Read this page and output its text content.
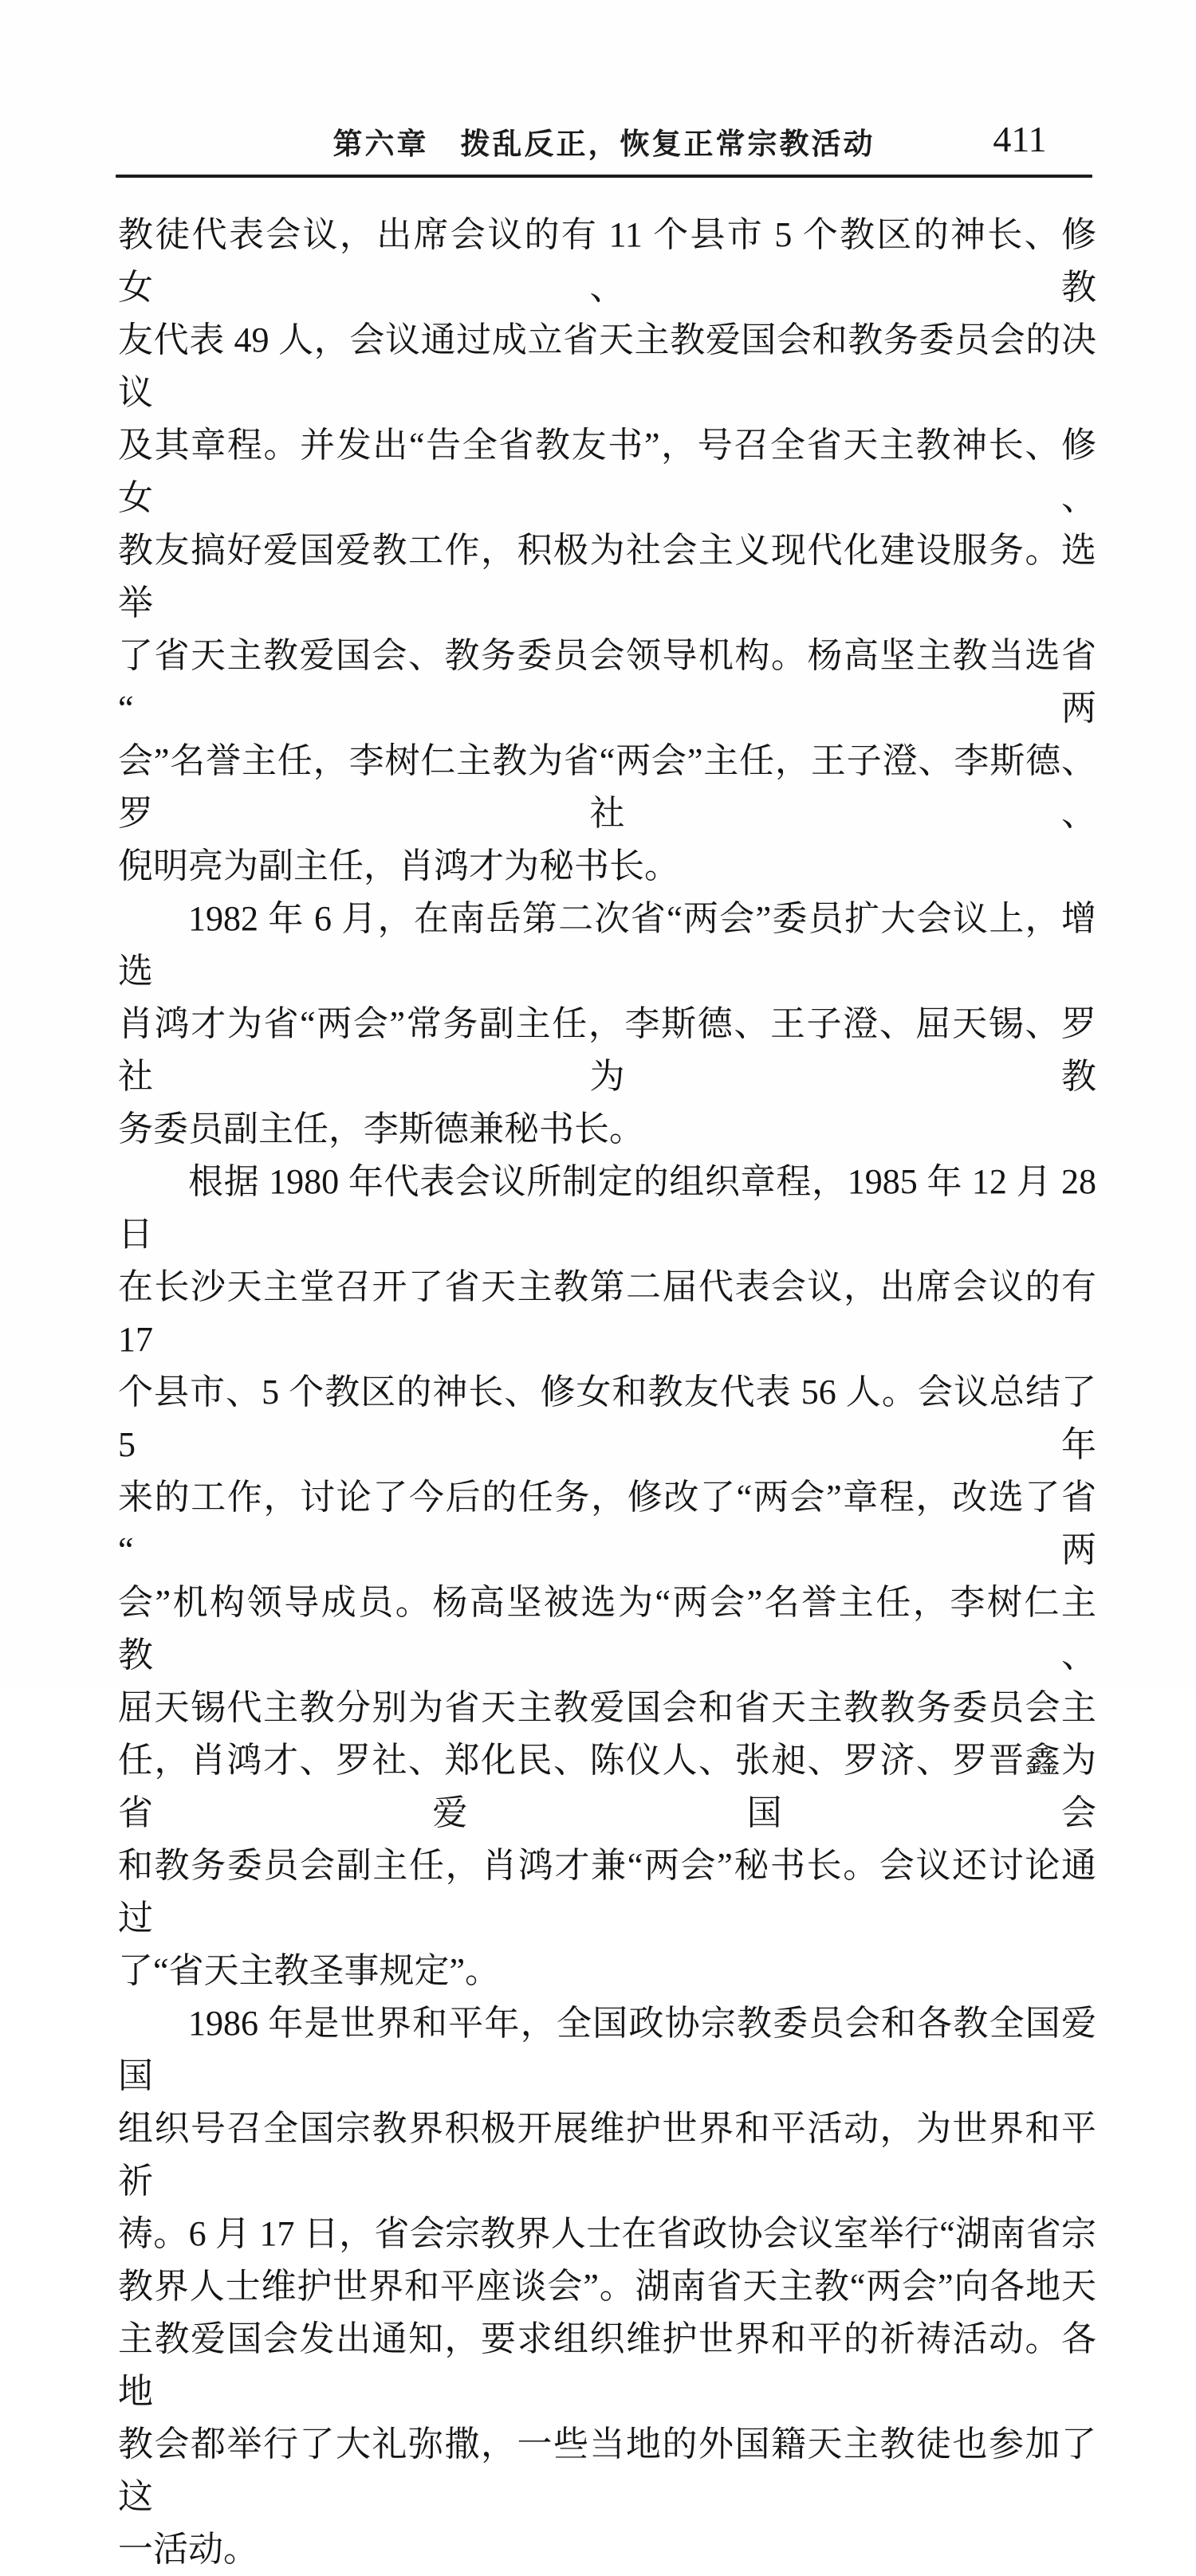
第六章　拨乱反正，恢复正常宗教活动	411
教徒代表会议，出席会议的有 11 个县市 5 个教区的神长、修女、教
友代表 49 人，会议通过成立省天主教爱国会和教务委员会的决议
及其章程。并发出“告全省教友书”，号召全省天主教神长、修女、
教友搞好爱国爱教工作，积极为社会主义现代化建设服务。选举
了省天主教爱国会、教务委员会领导机构。杨高坚主教当选省“两
会”名誉主任，李树仁主教为省“两会”主任，王子澄、李斯德、罗社、
倪明亮为副主任，肖鸿才为秘书长。
1982 年 6 月，在南岳第二次省“两会”委员扩大会议上，增选
肖鸿才为省“两会”常务副主任，李斯德、王子澄、屈天锡、罗社为教
务委员副主任，李斯德兼秘书长。
根据 1980 年代表会议所制定的组织章程，1985 年 12 月 28 日
在长沙天主堂召开了省天主教第二届代表会议，出席会议的有 17
个县市、5 个教区的神长、修女和教友代表 56 人。会议总结了 5 年
来的工作，讨论了今后的任务，修改了“两会”章程，改选了省“两
会”机构领导成员。杨高坚被选为“两会”名誉主任，李树仁主教、
屈天锡代主教分别为省天主教爱国会和省天主教教务委员会主
任，肖鸿才、罗社、郑化民、陈仪人、张昶、罗济、罗晋鑫为省爱国会
和教务委员会副主任，肖鸿才兼“两会”秘书长。会议还讨论通过
了“省天主教圣事规定”。
1986 年是世界和平年，全国政协宗教委员会和各教全国爱国
组织号召全国宗教界积极开展维护世界和平活动，为世界和平祈
祷。6 月 17 日，省会宗教界人士在省政协会议室举行“湖南省宗
教界人士维护世界和平座谈会”。湖南省天主教“两会”向各地天
主教爱国会发出通知，要求组织维护世界和平的祈祷活动。各地
教会都举行了大礼弥撒，一些当地的外国籍天主教徒也参加了这
一活动。
